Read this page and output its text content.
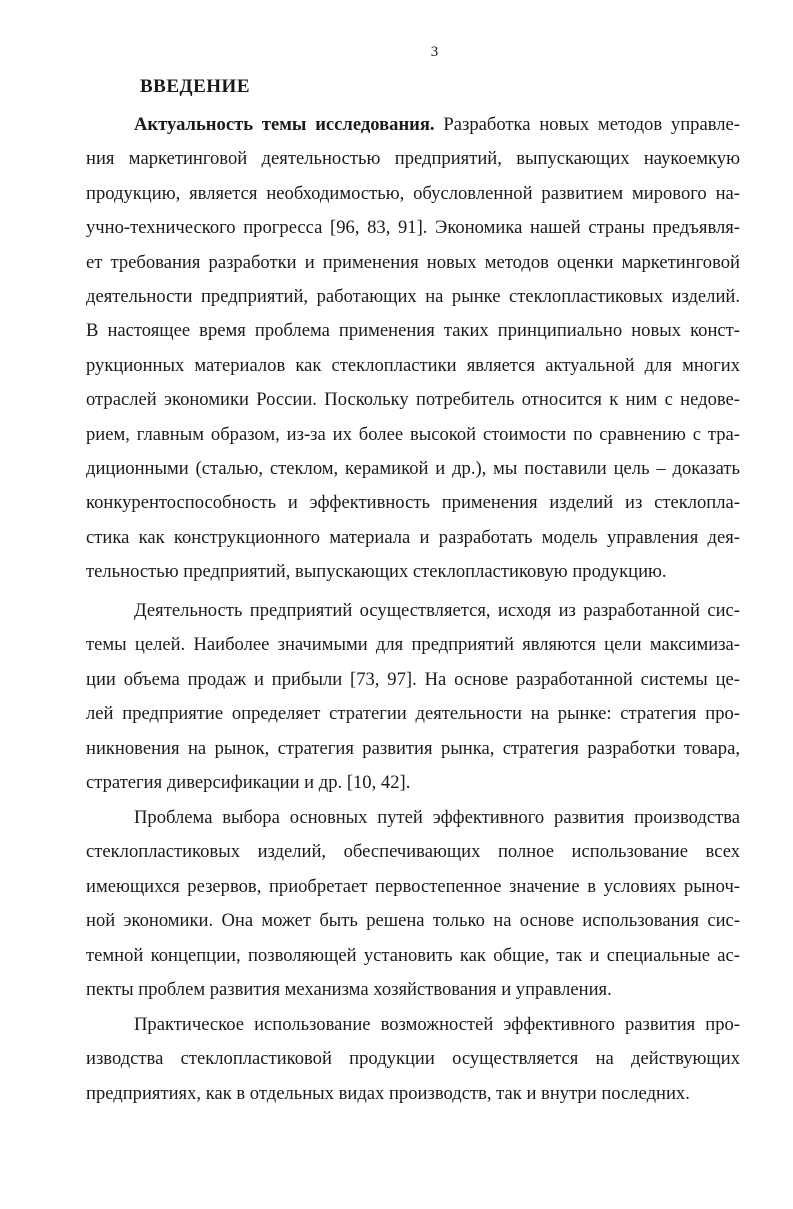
3
ВВЕДЕНИЕ
Актуальность темы исследования. Разработка новых методов управле-
ния маркетинговой деятельностью предприятий, выпускающих наукоемкую
продукцию, является необходимостью, обусловленной развитием мирового на-
учно-технического прогресса [96, 83, 91]. Экономика нашей страны предъявля-
ет требования разработки и применения новых методов оценки маркетинговой
деятельности предприятий, работающих на рынке стеклопластиковых изделий.
В настоящее время проблема применения таких принципиально новых конст-
рукционных материалов как стеклопластики является актуальной для многих
отраслей экономики России. Поскольку потребитель относится к ним с недове-
рием, главным образом, из-за их более высокой стоимости по сравнению с тра-
диционными (сталью, стеклом, керамикой и др.), мы поставили цель – доказать
конкурентоспособность и эффективность применения изделий из стеклопла-
стика как конструкционного материала и разработать модель управления дея-
тельностью предприятий, выпускающих стеклопластиковую продукцию.
Деятельность предприятий осуществляется, исходя из разработанной сис-
темы целей. Наиболее значимыми для предприятий являются цели максимиза-
ции объема продаж и прибыли [73, 97]. На основе разработанной системы це-
лей предприятие определяет стратегии деятельности на рынке: стратегия про-
никновения на рынок, стратегия развития рынка, стратегия разработки товара,
стратегия диверсификации и др. [10, 42].
Проблема выбора основных путей эффективного развития производства
стеклопластиковых изделий, обеспечивающих полное использование всех
имеющихся резервов, приобретает первостепенное значение в условиях рыноч-
ной экономики. Она может быть решена только на основе использования сис-
темной концепции, позволяющей установить как общие, так и специальные ас-
пекты проблем развития механизма хозяйствования и управления.
Практическое использование возможностей эффективного развития про-
изводства стеклопластиковой продукции осуществляется на действующих
предприятиях, как в отдельных видах производств, так и внутри последних.
